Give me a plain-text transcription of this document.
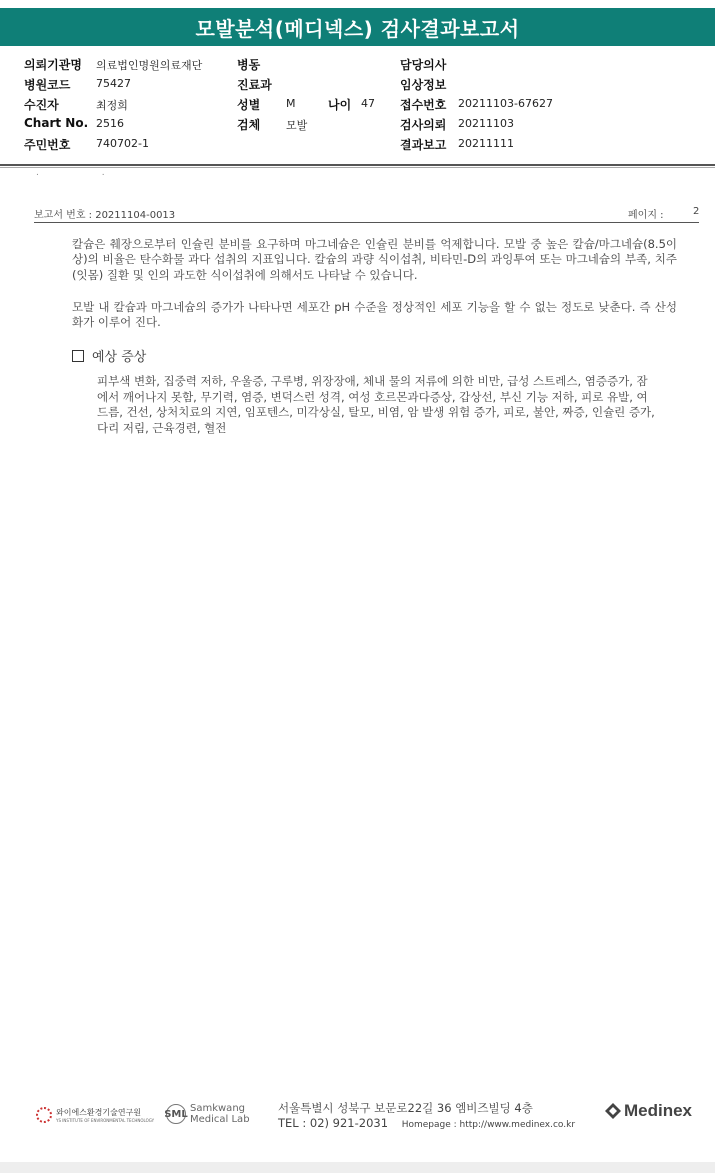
모발분석(메디넥스) 검사결과보고서
의뢰기관명 의료법인명원의료재단	병동	담당의사
병원코드 75427	진료과	임상정보
수진자	최정희	성별 M	나이 47 접수번호 20211103-67627
Chart No. 2516	검체 모발	검사의뢰 20211103
주민번호 740702-1	결과보고 20211111
. .
보고서 번호 : 20211104-0013	페이지 :	2
칼슘은 췌장으로부터 인슐린 분비를 요구하며 마그네슘은 인슐린 분비를 억제합니다. 모발 중 높은 칼슘/마그네슘(8.5이상)의 비율은 탄수화물 과다 섭취의 지표입니다. 칼슘의 과량 식이섭취, 비타민-D의 과잉투여 또는 마그네슘의 부족, 치주(잇몸) 질환 및 인의 과도한 식이섭취에 의해서도 나타날 수 있습니다.
모발 내 칼슘과 마그네슘의 증가가 나타나면 세포간 pH 수준을 정상적인 세포 기능을 할 수 없는 정도로 낮춘다. 즉 산성화가 이루어 진다.
예상 증상
피부색 변화, 집중력 저하, 우울증, 구루병, 위장장애, 체내 물의 저류에 의한 비만, 급성 스트레스, 염증증가, 잠에서 깨어나지 못함, 무기력, 염증, 변덕스런 성격, 여성 호르몬과다증상, 갑상선, 부신 기능 저하, 피로 유발, 여드름, 건선, 상처치료의 지연, 임포텐스, 미각상실, 탈모, 비염, 암 발생 위험 증가, 피로, 불안, 짜증, 인슐린 증가, 다리 저림, 근육경련, 혈전
와이에스환경기술연구원
YS INSTITUTE OF ENVIRONMENTAL TECHNOLOGY
SML Samkwang
Medical Lab
서울특별시 성북구 보문로22길 36 엠비즈빌딩 4층
TEL : 02) 921-2031 Homepage : http://www.medinex.co.kr
Medinex
